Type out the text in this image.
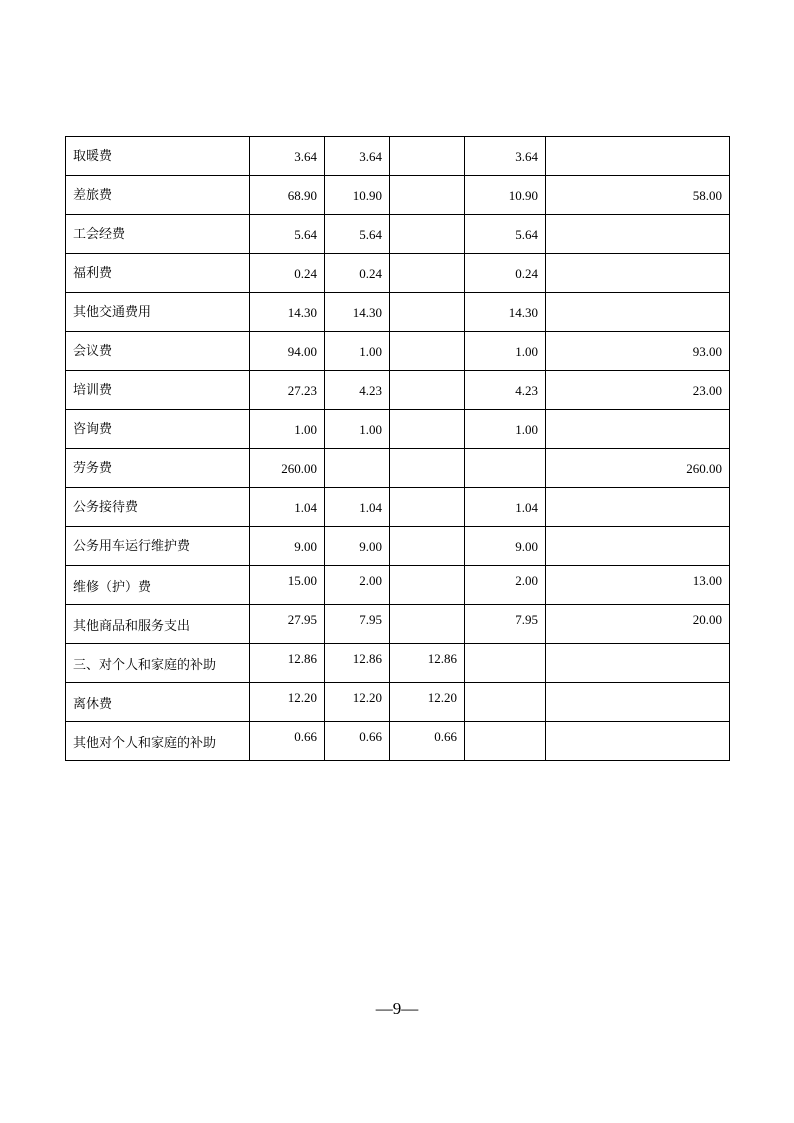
取暖费	3.64	3.64		3.64	
差旅费	68.90	10.90		10.90	58.00
工会经费	5.64	5.64		5.64	
福利费	0.24	0.24		0.24	
其他交通费用	14.30	14.30		14.30	
会议费	94.00	1.00		1.00	93.00
培训费	27.23	4.23		4.23	23.00
咨询费	1.00	1.00		1.00	
劳务费	260.00				260.00
公务接待费	1.04	1.04		1.04	
公务用车运行维护费	9.00	9.00		9.00	
维修（护）费	15.00	2.00		2.00	13.00
其他商品和服务支出	27.95	7.95		7.95	20.00
三、对个人和家庭的补助	12.86	12.86	12.86		
离休费	12.20	12.20	12.20		
其他对个人和家庭的补助	0.66	0.66	0.66		
—9—
